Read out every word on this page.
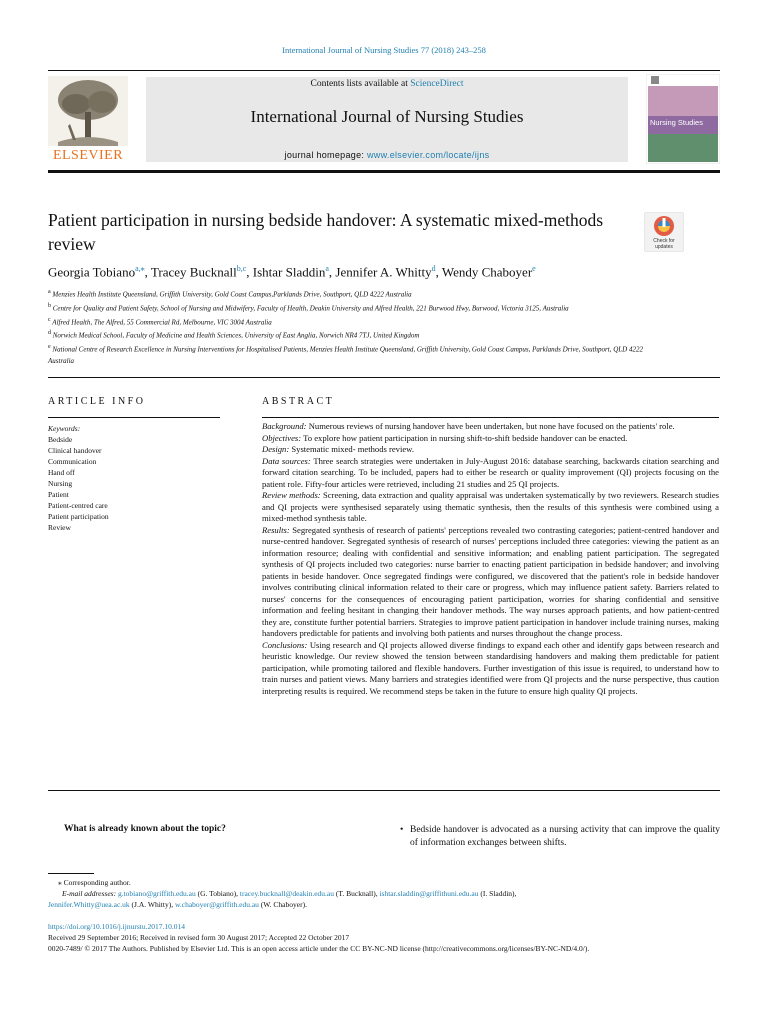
International Journal of Nursing Studies 77 (2018) 243–258
ELSEVIER
Contents lists available at ScienceDirect
International Journal of Nursing Studies
journal homepage: www.elsevier.com/locate/ijns
Nursing Studies
Patient participation in nursing bedside handover: A systematic mixed-methods review	Check for updates
Georgia Tobiano$^{a,⁎}$, Tracey Bucknall$^{b,c}$, Ishtar Sladdin$^a$, Jennifer A. Whitty$^d$, Wendy Chaboyer$^e$
$^a$ Menzies Health Institute Queensland, Griffith University, Gold Coast Campus,Parklands Drive, Southport, QLD 4222 Australia
$^b$ Centre for Quality and Patient Safety, School of Nursing and Midwifery, Faculty of Health, Deakin University and Alfred Health, 221 Burwood Hwy, Burwood, Victoria 3125, Australia
$^c$ Alfred Health, The Alfred, 55 Commercial Rd, Melbourne, VIC 3004 Australia
$^d$ Norwich Medical School, Faculty of Medicine and Health Sciences, University of East Anglia, Norwich NR4 7TJ, United Kingdom
$^e$ National Centre of Research Excellence in Nursing Interventions for Hospitalised Patients, Menzies Health Institute Queensland, Griffith University, Gold Coast Campus, Parklands Drive, Southport, QLD 4222 Australia
ARTICLE INFO
Keywords:
Bedside
Clinical handover
Communication
Hand off
Nursing
Patient
Patient-centred care
Patient participation
Review
ABSTRACT

Background: Numerous reviews of nursing handover have been undertaken, but none have focused on the patients' role.

Objectives: To explore how patient participation in nursing shift-to-shift bedside handover can be enacted.

Design: Systematic mixed- methods review.

Data sources: Three search strategies were undertaken in July-August 2016: database searching, backwards citation searching and forward citation searching. To be included, papers had to either be research or quality improvement (QI) projects focusing on the patient role. Fifty-four articles were retrieved, including 21 studies and 25 QI projects.

Review methods: Screening, data extraction and quality appraisal was undertaken systematically by two reviewers. Research studies and QI projects were synthesised separately using thematic synthesis, then the results of this synthesis were combined using a mixed-method synthesis table.

Results: Segregated synthesis of research of patients' perceptions revealed two contrasting categories; patient-centred handover and nurse-centred handover. Segregated synthesis of research of nurses' perceptions included three categories: viewing the patient as an information resource; dealing with confidential and sensitive information; and enabling patient participation. The segregated synthesis of QI projects included two categories: nurse barrier to enacting patient participation in bedside handover; and involving patients in beside handover. Once segregated findings were configured, we discovered that the patient's role in bedside handover involves contributing clinical information related to their care or progress, which may influence patient safety. Barriers related to nurses' concerns for the consequences of encouraging patient participation, worries for sharing confidential and sensitive information and feeling hesitant in changing their handover methods. The way nurses approach patients, and how patient-centred they are, constitute further potential barriers. Strategies to improve patient participation in handover include training nurses, making handovers predictable for patients and involving both patients and nurses throughout the change process.

Conclusions: Using research and QI projects allowed diverse findings to expand each other and identify gaps between research and heuristic knowledge. Our review showed the tension between standardising handovers and making them predictable for patient participation, while promoting tailored and flexible handovers. Further investigation of this issue is required, to understand how to train nurses and patient views. Many barriers and strategies identified were from QI projects and the nurse perspective, thus caution interpreting results is required. We recommend steps be taken in the future to ensure high quality QI projects.

What is already known about the topic?	• Bedside handover is advocated as a nursing activity that can improve the quality of information exchanges between shifts.
⁎ Corresponding author.
E-mail addresses: g.tobiano@griffith.edu.au (G. Tobiano), tracey.bucknall@deakin.edu.au (T. Bucknall), ishtar.sladdin@griffithuni.edu.au (I. Sladdin),
Jennifer.Whitty@uea.ac.uk (J.A. Whitty), w.chaboyer@griffith.edu.au (W. Chaboyer).
https://doi.org/10.1016/j.ijnurstu.2017.10.014
Received 29 September 2016; Received in revised form 30 August 2017; Accepted 22 October 2017
0020-7489/ © 2017 The Authors. Published by Elsevier Ltd. This is an open access article under the CC BY-NC-ND license (http://creativecommons.org/licenses/BY-NC-ND/4.0/).
